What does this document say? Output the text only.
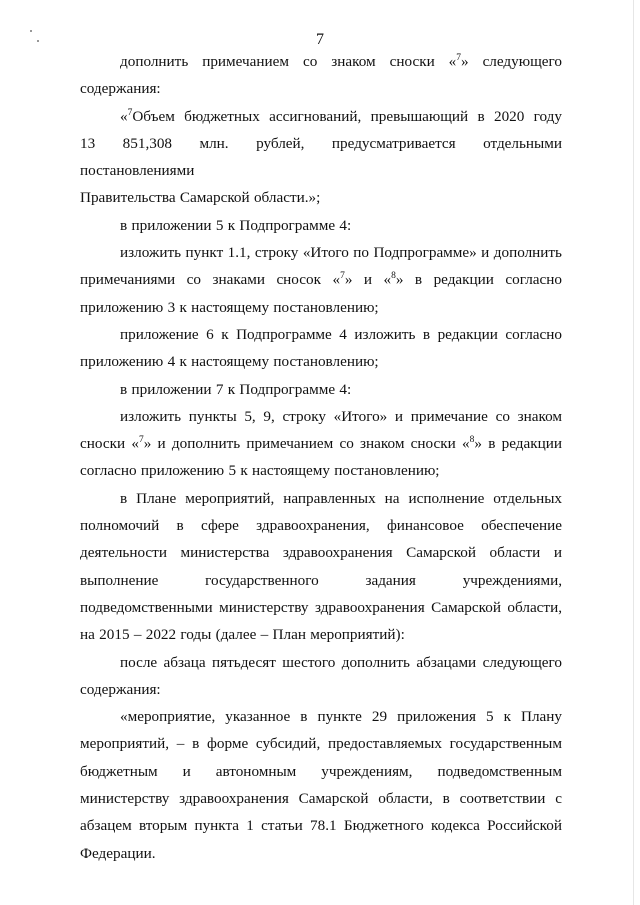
7
дополнить примечанием со знаком сноски «$^7$» следующего
содержания:
«$^7$Объем бюджетных ассигнований, превышающий в 2020 году
13 851,308 млн. рублей, предусматривается отдельными постановлениями
Правительства Самарской области.»;
в приложении 5 к Подпрограмме 4:
изложить пункт 1.1, строку «Итого по Подпрограмме» и дополнить
примечаниями со знаками сносок «$^7$» и «$^8$» в редакции согласно
приложению 3 к настоящему постановлению;
приложение 6 к Подпрограмме 4 изложить в редакции согласно
приложению 4 к настоящему постановлению;
в приложении 7 к Подпрограмме 4:
изложить пункты 5, 9, строку «Итого» и примечание со знаком
сноски «$^7$» и дополнить примечанием со знаком сноски «$^8$» в редакции
согласно приложению 5 к настоящему постановлению;
в Плане мероприятий, направленных на исполнение отдельных
полномочий в сфере здравоохранения, финансовое обеспечение
деятельности министерства здравоохранения Самарской области и
выполнение государственного задания учреждениями,
подведомственными министерству здравоохранения Самарской области,
на 2015 – 2022 годы (далее – План мероприятий):
после абзаца пятьдесят шестого дополнить абзацами следующего
содержания:
«мероприятие, указанное в пункте 29 приложения 5 к Плану
мероприятий, – в форме субсидий, предоставляемых государственным
бюджетным и автономным учреждениям, подведомственным
министерству здравоохранения Самарской области, в соответствии с
абзацем вторым пункта 1 статьи 78.1 Бюджетного кодекса Российской
Федерации.
